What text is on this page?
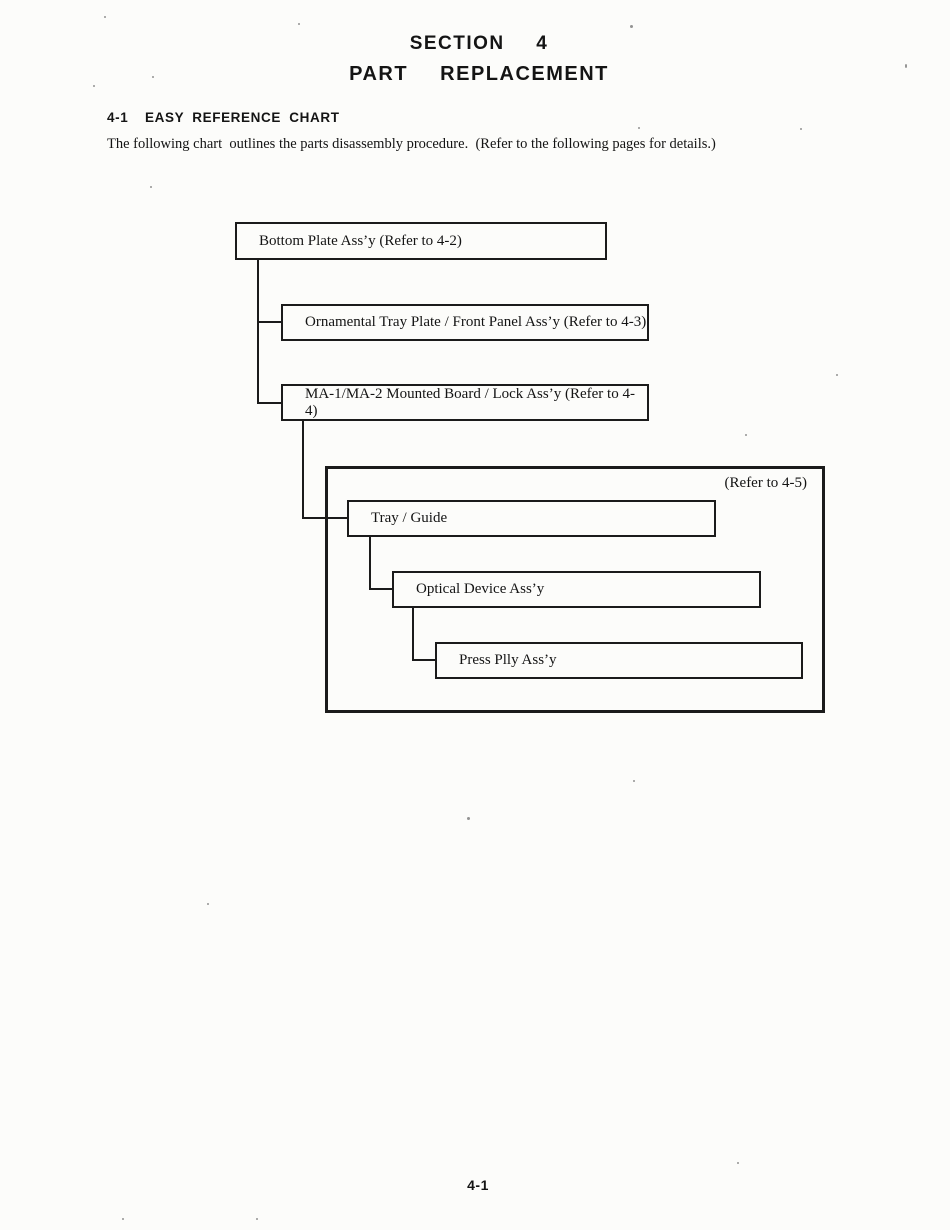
SECTION  4
PART  REPLACEMENT
4-1  EASY REFERENCE CHART
The following chart  outlines the parts disassembly procedure.  (Refer to the following pages for details.)
(Refer to 4-5)
Bottom Plate Ass’y (Refer to 4-2)
Ornamental Tray Plate / Front Panel Ass’y (Refer to 4-3)
MA-1/MA-2 Mounted Board / Lock Ass’y (Refer to 4-4)
Tray / Guide
Optical Device Ass’y
Press Plly Ass’y
4-1
